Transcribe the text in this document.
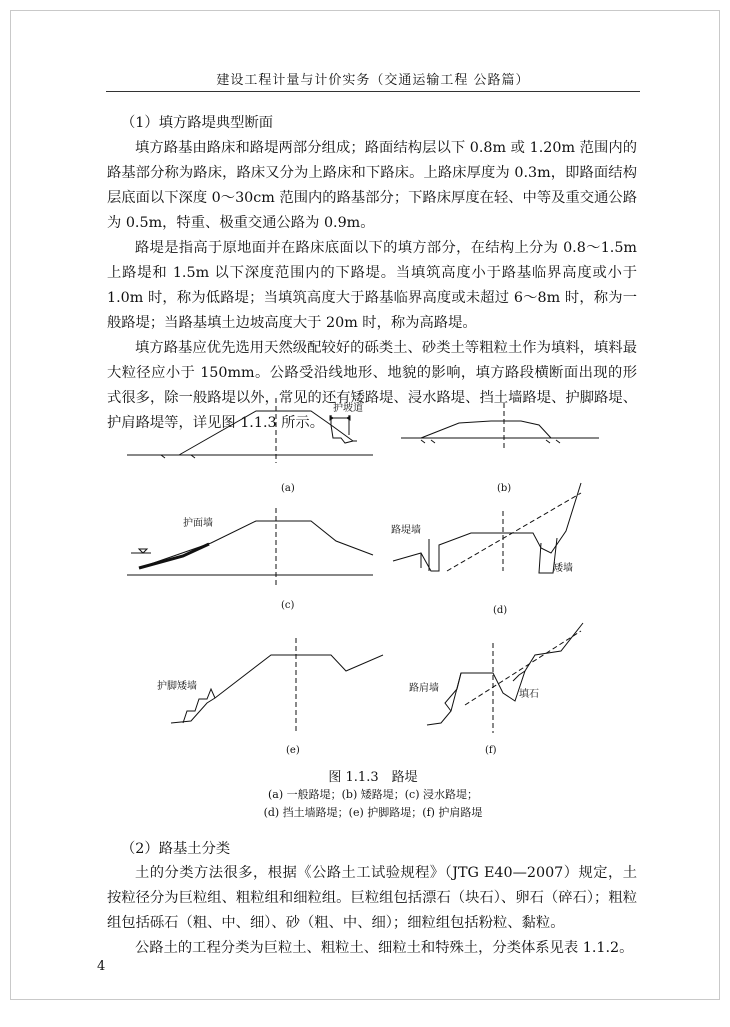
建设工程计量与计价实务（交通运输工程 公路篇）
（1）填方路堤典型断面

填方路基由路床和路堤两部分组成；路面结构层以下 0.8m 或 1.20m 范围内的路基部分称为路床，路床又分为上路床和下路床。上路床厚度为 0.3m，即路面结构层底面以下深度 0～30cm 范围内的路基部分；下路床厚度在轻、中等及重交通公路为 0.5m，特重、极重交通公路为 0.9m。

路堤是指高于原地面并在路床底面以下的填方部分，在结构上分为 0.8～1.5m 上路堤和 1.5m 以下深度范围内的下路堤。当填筑高度小于路基临界高度或小于 1.0m 时，称为低路堤；当填筑高度大于路基临界高度或未超过 6～8m 时，称为一般路堤；当路基填土边坡高度大于 20m 时，称为高路堤。

填方路基应优先选用天然级配较好的砾类土、砂类土等粗粒土作为填料，填料最大粒径应小于 150mm。公路受沿线地形、地貌的影响，填方路段横断面出现的形式很多，除一般路堤以外，常见的还有矮路堤、浸水路堤、挡土墙路堤、护脚路堤、护肩路堤等，详见图 1.1.3 所示。

护坡道
(a)	(b)
护面墙
(c)
路堤墙
矮墙
(d)
护脚矮墙
(e)
路肩墙
填石
(f)
图 1.1.3　路堤
(a) 一般路堤；(b) 矮路堤；(c) 浸水路堤；
(d) 挡土墙路堤；(e) 护脚路堤；(f) 护肩路堤
（2）路基土分类

土的分类方法很多，根据《公路土工试验规程》（JTG E40—2007）规定，土按粒径分为巨粒组、粗粒组和细粒组。巨粒组包括漂石（块石）、卵石（碎石）；粗粒组包括砾石（粗、中、细）、砂（粗、中、细）；细粒组包括粉粒、黏粒。

公路土的工程分类为巨粒土、粗粒土、细粒土和特殊土，分类体系见表 1.1.2。

4
